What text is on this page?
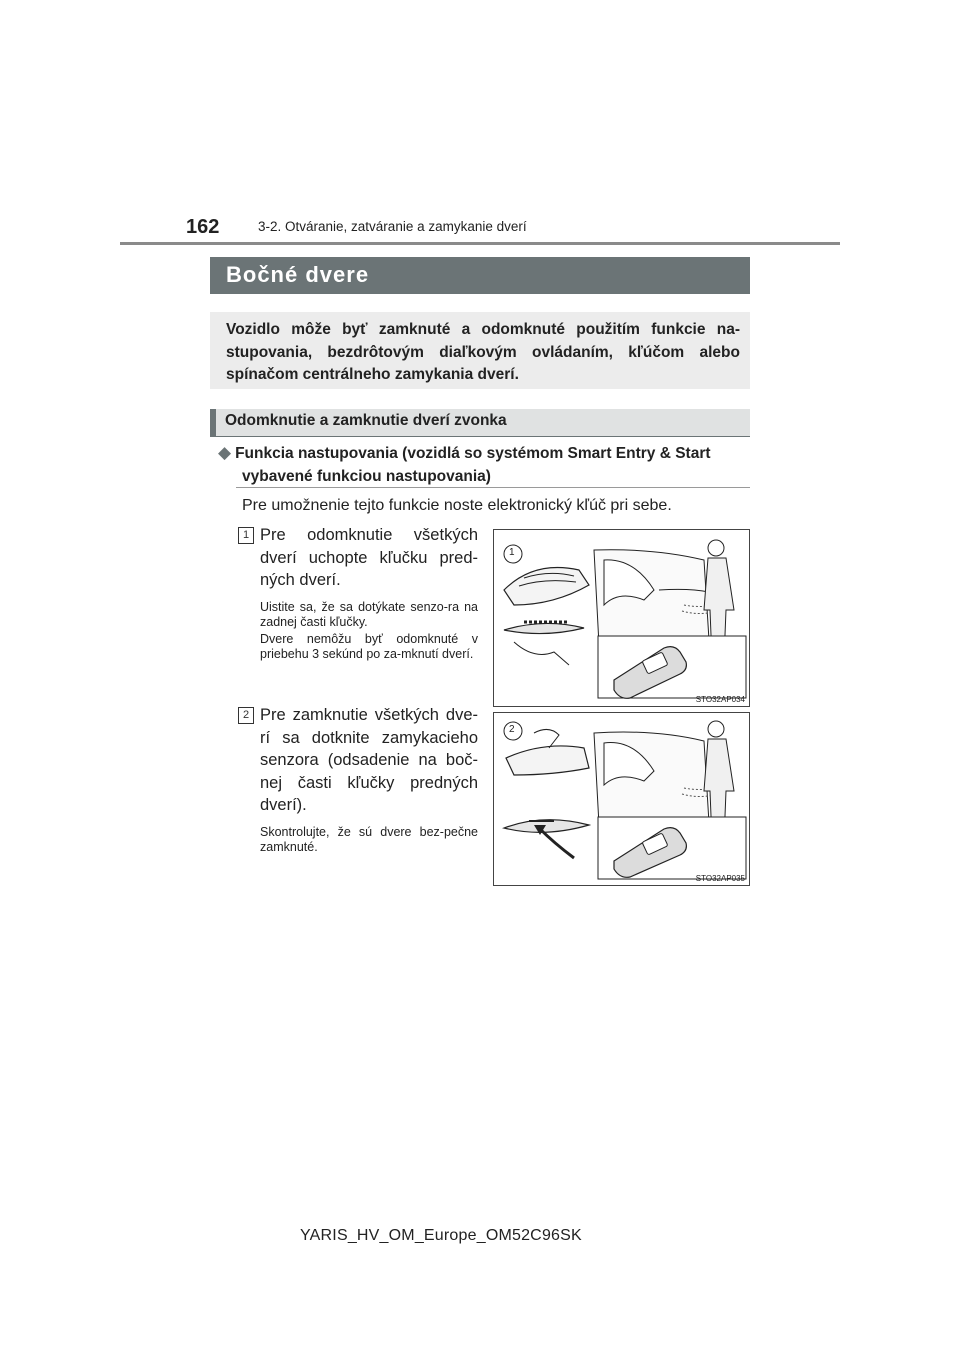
162	3-2. Otváranie, zatváranie a zamykanie dverí
Bočné dvere
Vozidlo môže byť zamknuté a odomknuté použitím funkcie na-stupovania, bezdrôtovým diaľkovým ovládaním, kľúčom alebo spínačom centrálneho zamykania dverí.
Odomknutie a zamknutie dverí zvonka
◆ Funkcia nastupovania (vozidlá so systémom Smart Entry & Start
vybavené funkciou nastupovania)
Pre umožnenie tejto funkcie noste elektronický kľúč pri sebe.
1 Pre odomknutie všetkých dverí uchopte kľučku pred-ných dverí.
Uistite sa, že sa dotýkate senzo-ra na zadnej časti kľučky.
Dvere nemôžu byť odomknuté v priebehu 3 sekúnd po za-mknutí dverí.
STO32AP034
1
2 Pre zamknutie všetkých dve-rí sa dotknite zamykacieho senzora (odsadenie na boč-nej časti kľučky predných dverí).
Skontrolujte, že sú dvere bez-pečne zamknuté.
STO32AP035
2
YARIS_HV_OM_Europe_OM52C96SK
